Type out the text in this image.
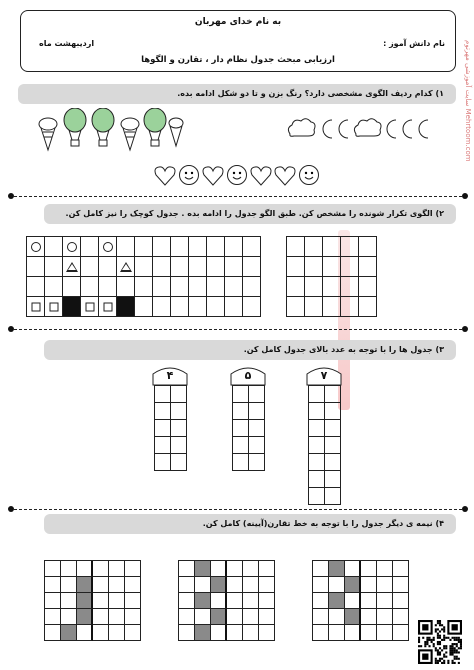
به نام خدای مهربان
نام دانش آموز :
اردیبهشت ماه
ارزیابی مبحث جدول نظام دار ، تقارن و الگوها	سایت آموزشی مهرتوم Mehrtoom.com
۱) کدام ردیف الگوی مشخصی دارد؟ رنگ بزن و تا دو شکل ادامه بده.
۲) الگوی تکرار شونده را مشخص کن. طبق الگو جدول را ادامه بده . جدول کوچک را نیز کامل کن.
۳) جدول ها را با توجه به عدد بالای جدول کامل کن.
۴	۵	۷
۴) نیمه ی دیگر جدول را با توجه به خط تقارن(آیینه) کامل کن.
